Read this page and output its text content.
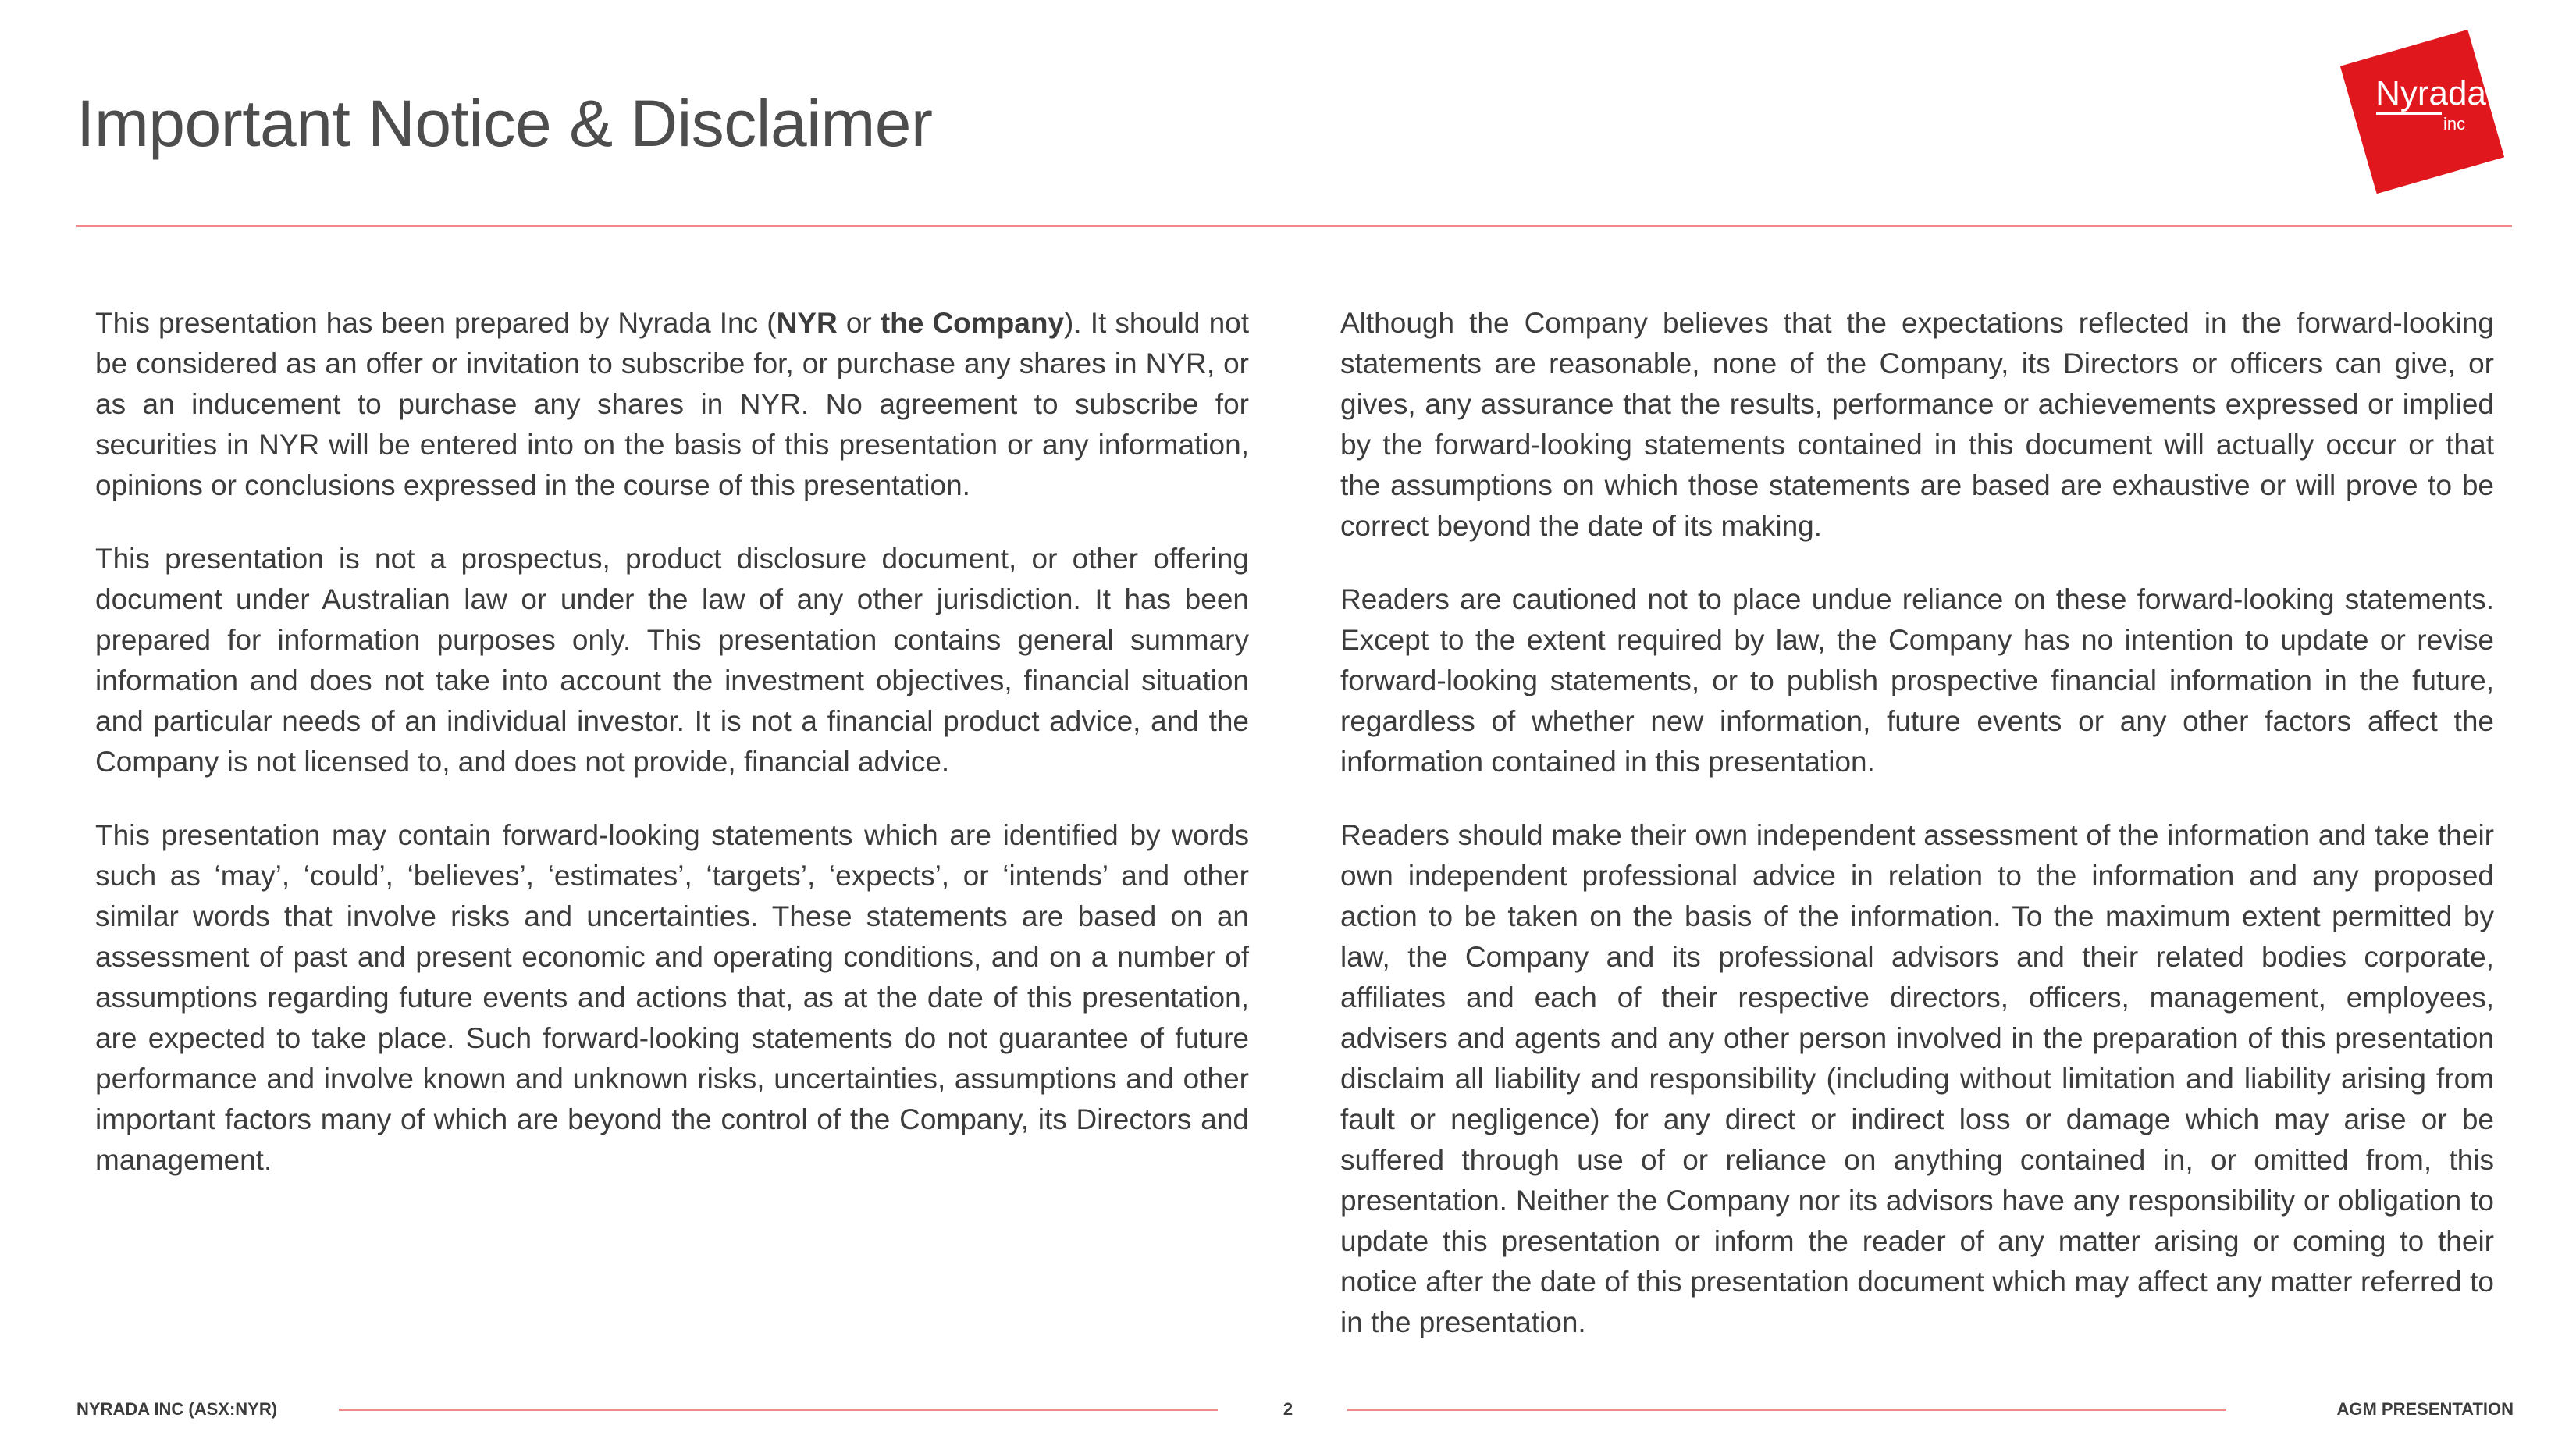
Important Notice & Disclaimer	Nyrada
inc

This presentation has been prepared by Nyrada Inc (NYR or the Company). It should not be considered as an offer or invitation to subscribe for, or purchase any shares in NYR, or as an inducement to purchase any shares in NYR. No agreement to subscribe for securities in NYR will be entered into on the basis of this presentation or any information, opinions or conclusions expressed in the course of this presentation.

This presentation is not a prospectus, product disclosure document, or other offering document under Australian law or under the law of any other jurisdiction. It has been prepared for information purposes only. This presentation contains general summary information and does not take into account the investment objectives, financial situation and particular needs of an individual investor. It is not a financial product advice, and the Company is not licensed to, and does not provide, financial advice.

This presentation may contain forward-looking statements which are identified by words such as ‘may’, ‘could’, ‘believes’, ‘estimates’, ‘targets’, ‘expects’, or ‘intends’ and other similar words that involve risks and uncertainties. These statements are based on an assessment of past and present economic and operating conditions, and on a number of assumptions regarding future events and actions that, as at the date of this presentation, are expected to take place. Such forward-looking statements do not guarantee of future performance and involve known and unknown risks, uncertainties, assumptions and other important factors many of which are beyond the control of the Company, its Directors and management.

Although the Company believes that the expectations reflected in the forward-looking statements are reasonable, none of the Company, its Directors or officers can give, or gives, any assurance that the results, performance or achievements expressed or implied by the forward-looking statements contained in this document will actually occur or that the assumptions on which those statements are based are exhaustive or will prove to be correct beyond the date of its making.

Readers are cautioned not to place undue reliance on these forward-looking statements. Except to the extent required by law, the Company has no intention to update or revise forward-looking statements, or to publish prospective financial information in the future, regardless of whether new information, future events or any other factors affect the information contained in this presentation.

Readers should make their own independent assessment of the information and take their own independent professional advice in relation to the information and any proposed action to be taken on the basis of the information. To the maximum extent permitted by law, the Company and its professional advisors and their related bodies corporate, affiliates and each of their respective directors, officers, management, employees, advisers and agents and any other person involved in the preparation of this presentation disclaim all liability and responsibility (including without limitation and liability arising from fault or negligence) for any direct or indirect loss or damage which may arise or be suffered through use of or reliance on anything contained in, or omitted from, this presentation. Neither the Company nor its advisors have any responsibility or obligation to update this presentation or inform the reader of any matter arising or coming to their notice after the date of this presentation document which may affect any matter referred to in the presentation.

NYRADA INC (ASX:NYR)	2	AGM PRESENTATION
